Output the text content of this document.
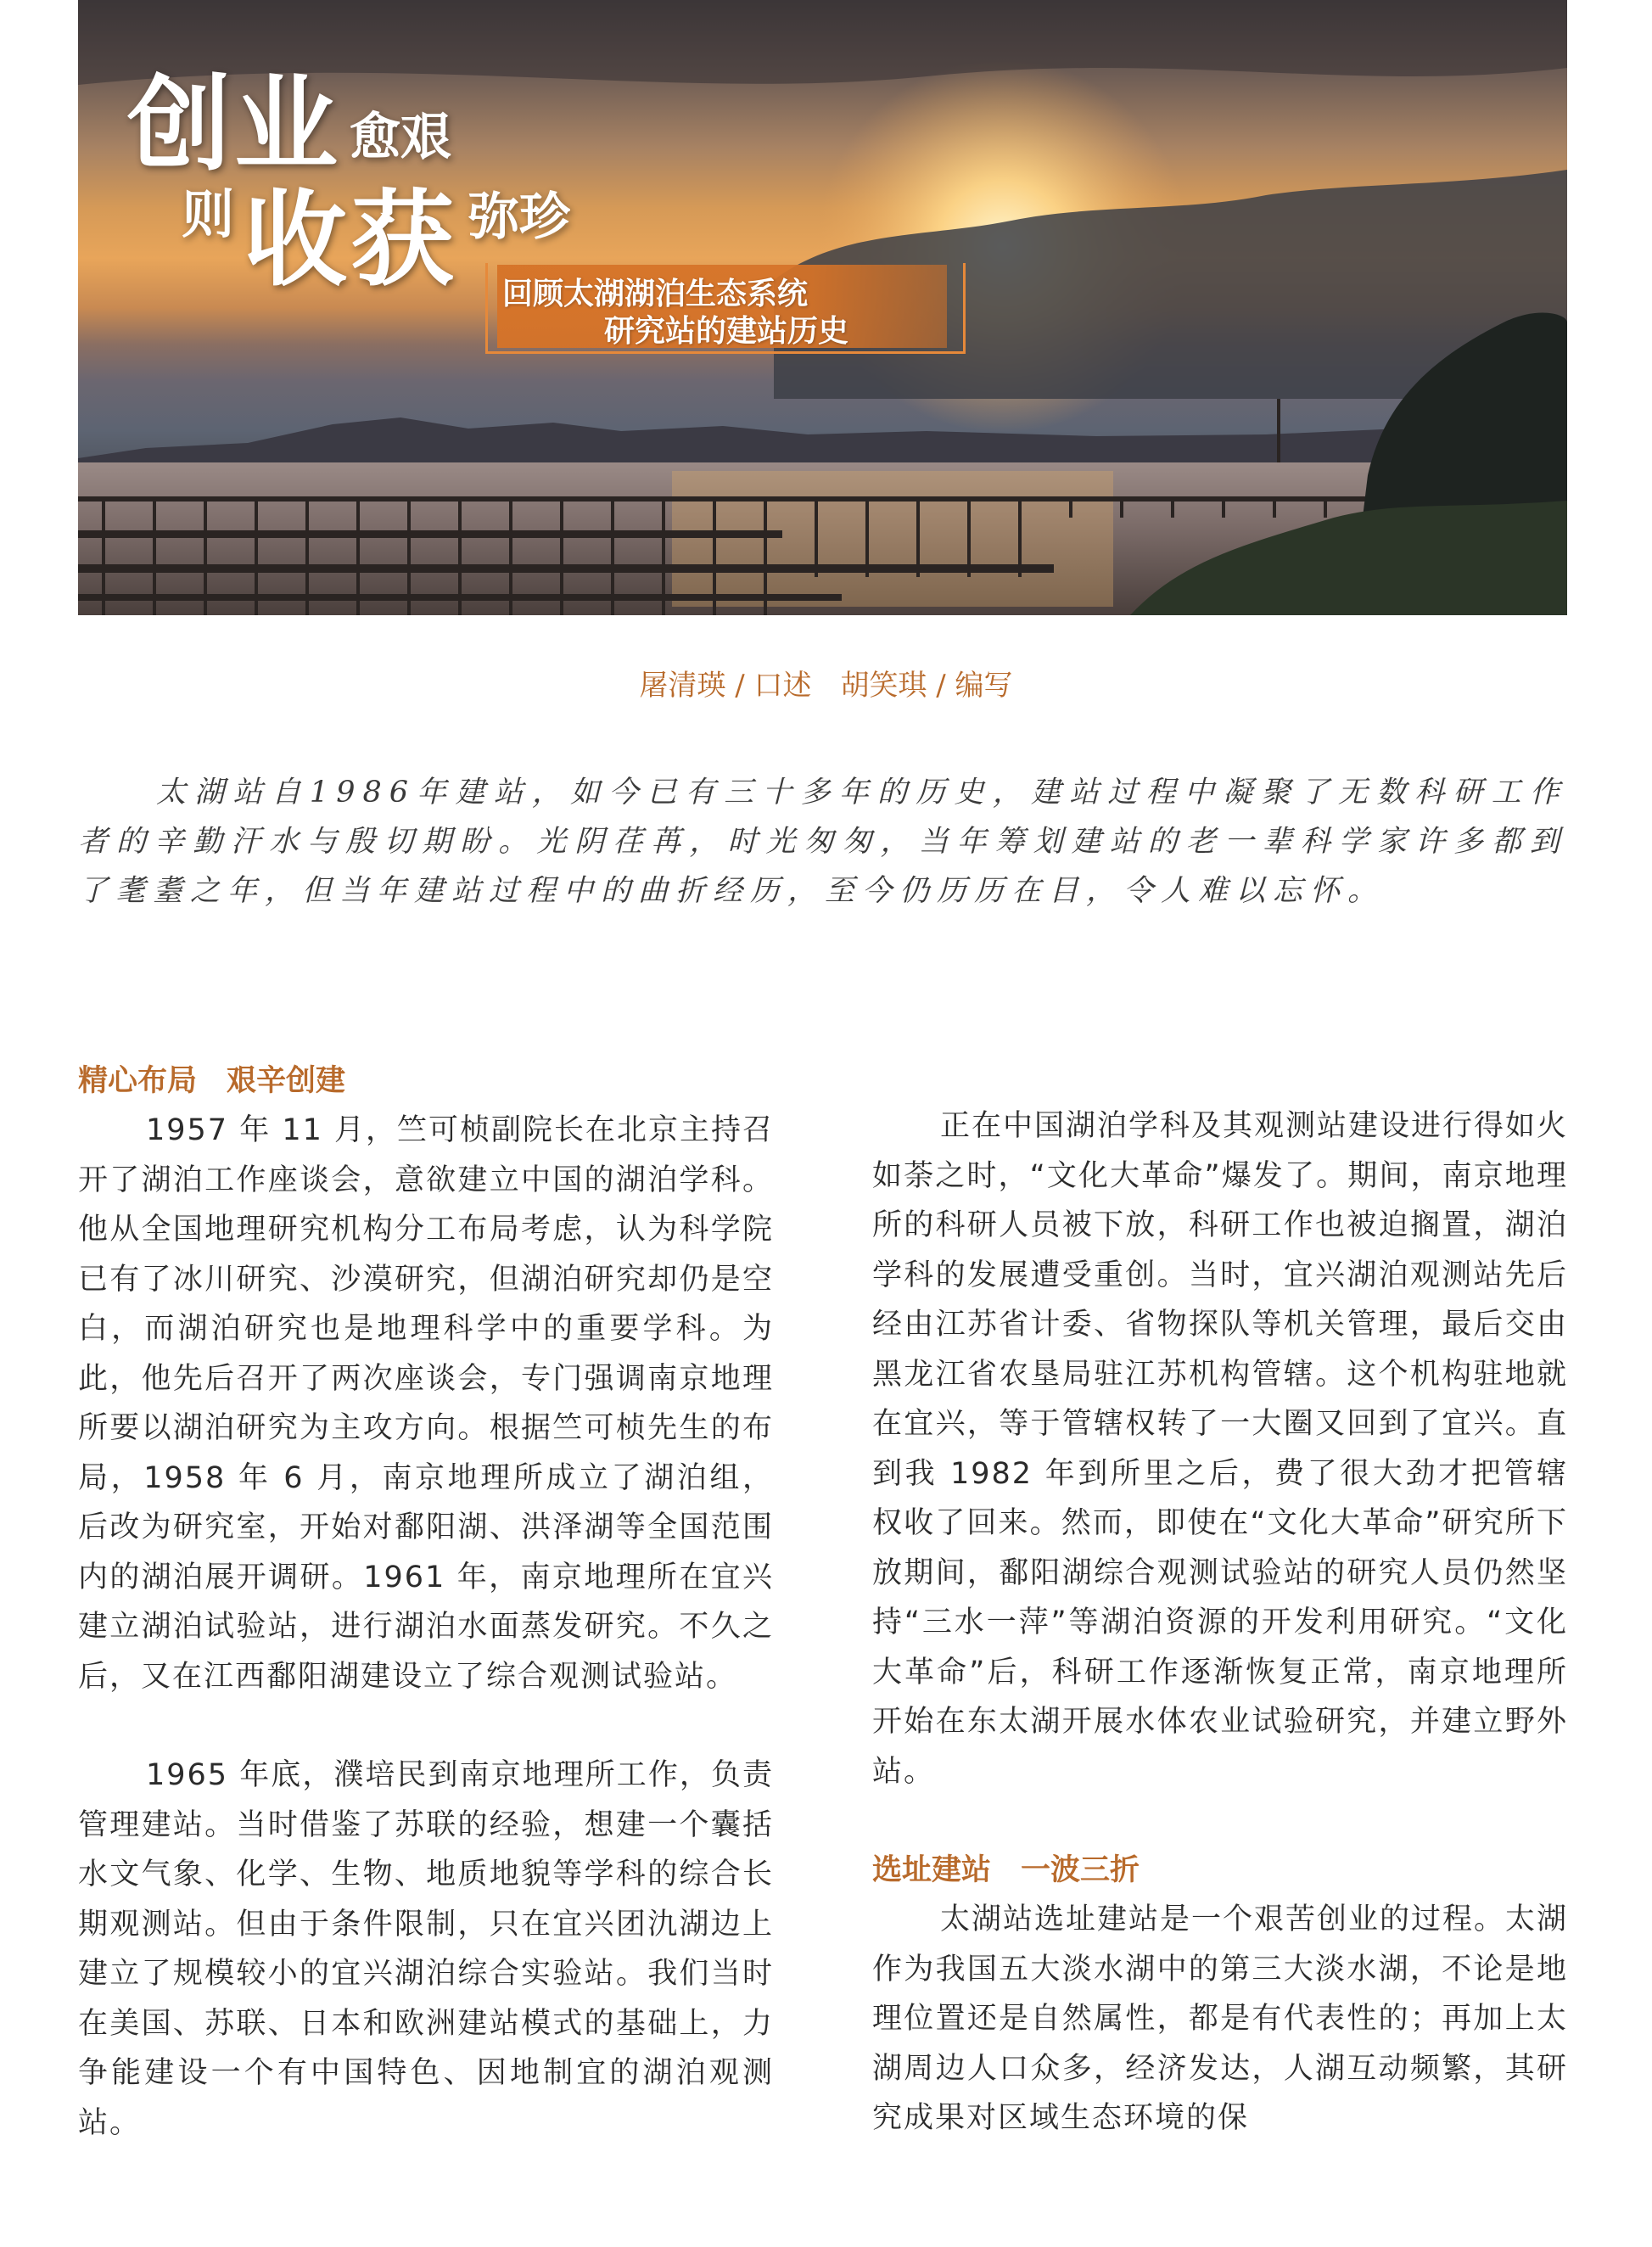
创业 愈艰
则 收获 弥珍
回顾太湖湖泊生态系统
研究站的建站历史
屠清瑛 / 口述　胡笑琪 / 编写
太湖站自1986年建站，如今已有三十多年的历史，建站过程中凝聚了无数科研工作者的辛勤汗水与殷切期盼。光阴荏苒，时光匆匆，当年筹划建站的老一辈科学家许多都到了耄耋之年，但当年建站过程中的曲折经历，至今仍历历在目，令人难以忘怀。
精心布局　艰辛创建

1957 年 11 月，竺可桢副院长在北京主持召开了湖泊工作座谈会，意欲建立中国的湖泊学科。他从全国地理研究机构分工布局考虑，认为科学院已有了冰川研究、沙漠研究，但湖泊研究却仍是空白，而湖泊研究也是地理科学中的重要学科。为此，他先后召开了两次座谈会，专门强调南京地理所要以湖泊研究为主攻方向。根据竺可桢先生的布局，1958 年 6 月，南京地理所成立了湖泊组，后改为研究室，开始对鄱阳湖、洪泽湖等全国范围内的湖泊展开调研。1961 年，南京地理所在宜兴建立湖泊试验站，进行湖泊水面蒸发研究。不久之后，又在江西鄱阳湖建设立了综合观测试验站。

1965 年底，濮培民到南京地理所工作，负责管理建站。当时借鉴了苏联的经验，想建一个囊括水文气象、化学、生物、地质地貌等学科的综合长期观测站。但由于条件限制，只在宜兴团氿湖边上建立了规模较小的宜兴湖泊综合实验站。我们当时在美国、苏联、日本和欧洲建站模式的基础上，力争能建设一个有中国特色、因地制宜的湖泊观测站。

正在中国湖泊学科及其观测站建设进行得如火如荼之时，“文化大革命”爆发了。期间，南京地理所的科研人员被下放，科研工作也被迫搁置，湖泊学科的发展遭受重创。当时，宜兴湖泊观测站先后经由江苏省计委、省物探队等机关管理，最后交由黑龙江省农垦局驻江苏机构管辖。这个机构驻地就在宜兴，等于管辖权转了一大圈又回到了宜兴。直到我 1982 年到所里之后，费了很大劲才把管辖权收了回来。然而，即使在“文化大革命”研究所下放期间，鄱阳湖综合观测试验站的研究人员仍然坚持“三水一萍”等湖泊资源的开发利用研究。“文化大革命”后，科研工作逐渐恢复正常，南京地理所开始在东太湖开展水体农业试验研究，并建立野外站。

选址建站　一波三折

太湖站选址建站是一个艰苦创业的过程。太湖作为我国五大淡水湖中的第三大淡水湖，不论是地理位置还是自然属性，都是有代表性的；再加上太湖周边人口众多，经济发达，人湖互动频繁，其研究成果对区域生态环境的保
